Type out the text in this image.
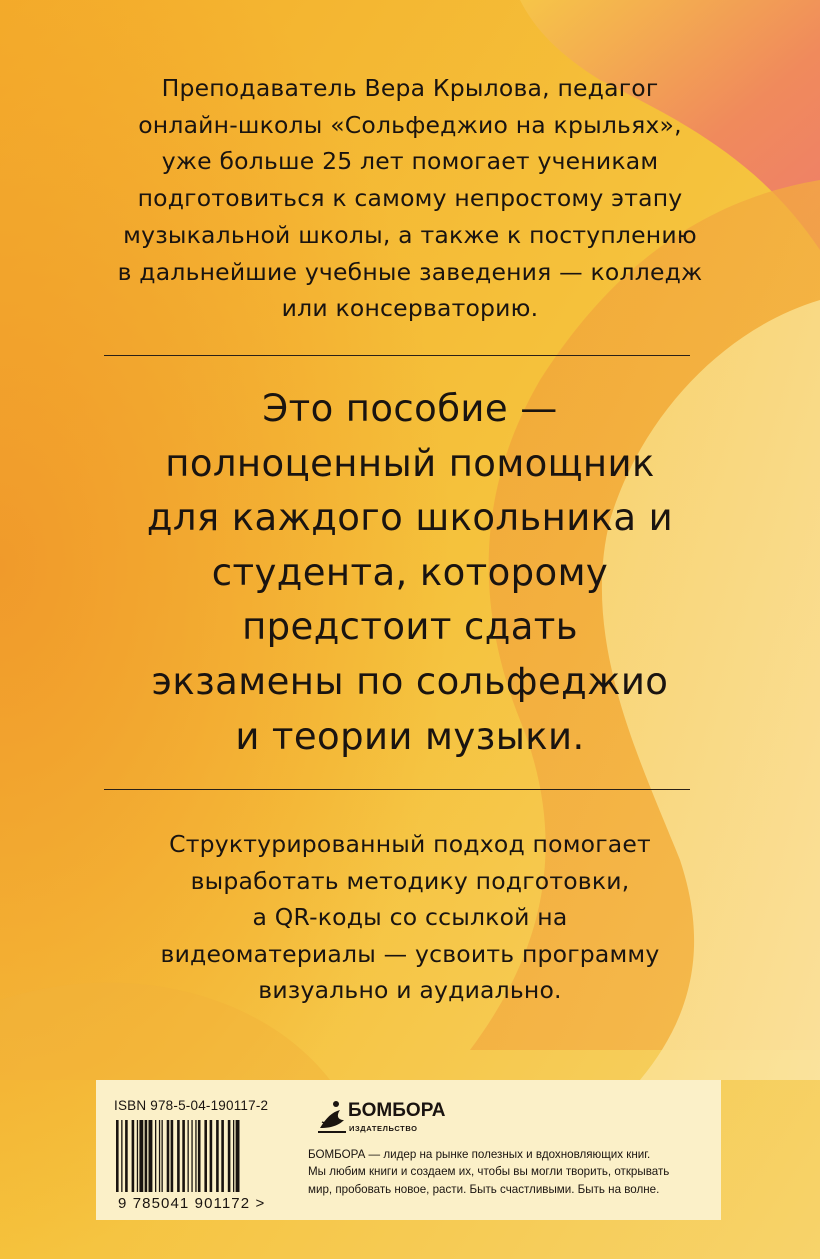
Преподаватель Вера Крылова, педагог
онлайн-школы «Сольфеджио на крыльях»,
уже больше 25 лет помогает ученикам
подготовиться к самому непростому этапу
музыкальной школы, а также к поступлению
в дальнейшие учебные заведения — колледж
или консерваторию.
Это пособие —
полноценный помощник
для каждого школьника и
студента, которому
предстоит сдать
экзамены по сольфеджио
и теории музыки.
Структурированный подход помогает
выработать методику подготовки,
а QR-коды со ссылкой на
видеоматериалы — усвоить программу
визуально и аудиально.
ISBN 978-5-04-190117-2
9 785041 901172 >
БОМБОРА
ИЗДАТЕЛЬСТВО
БОМБОРА — лидер на рынке полезных и вдохновляющих книг.
Мы любим книги и создаем их, чтобы вы могли творить, открывать
мир, пробовать новое, расти. Быть счастливыми. Быть на волне.
